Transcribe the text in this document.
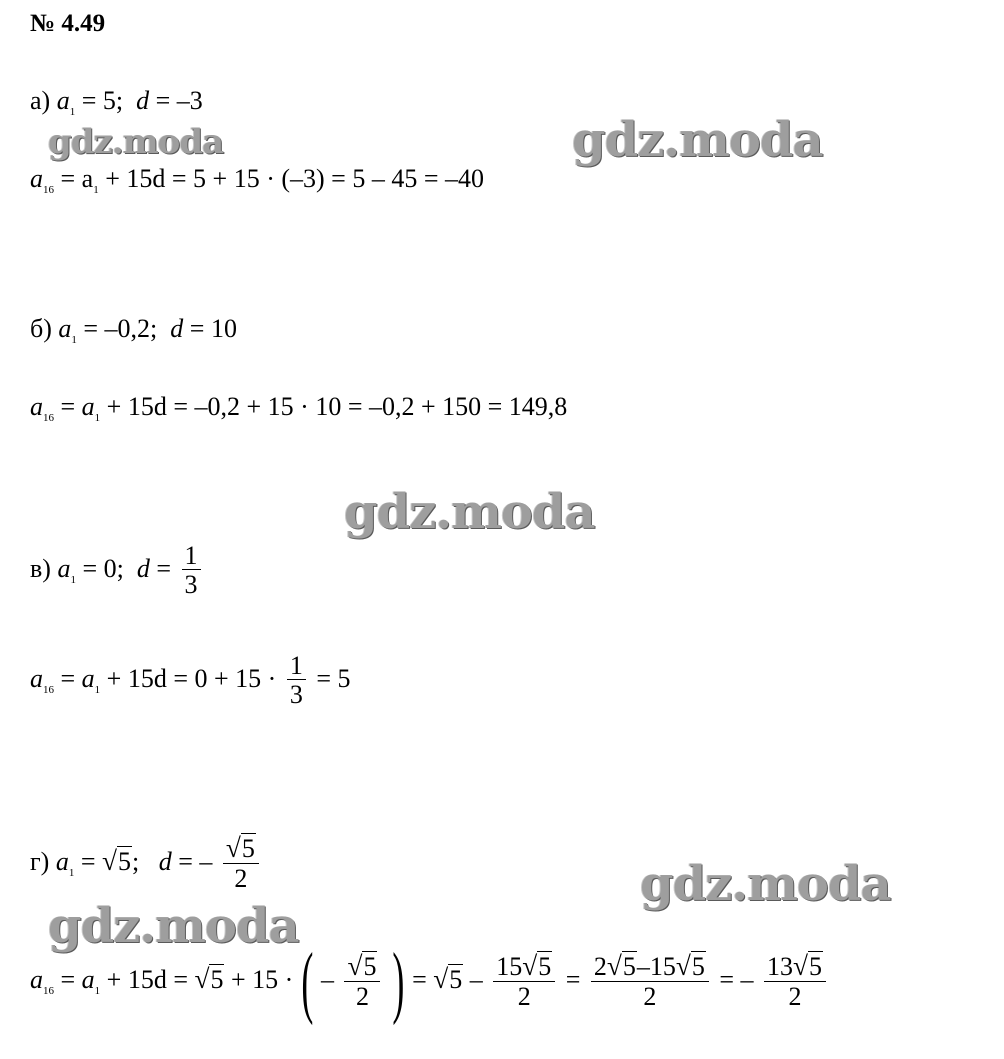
№ 4.49
а) $a_1 = 5$; d = –3
gdz.moda	gdz.moda
$a_{16} = a_1 + 15d = 5 + 15 \cdot (-3) = 5 - 45 = -40$
б) $a_1 = -0,2$; d = 10
$a_{16} = a_1 + 15d = -0,2 + 15 \cdot 10 = -0,2 + 150 = 149,8$
gdz.moda
в) $a_1 = 0$; $d = \frac{1}{3}$
$a_{16} = a_1 + 15d = 0 + 15 \cdot \frac{1}{3} = 5$
г) $a_1 = √5$;   d = – $\frac{√5}{2}$	gdz.moda
gdz.moda
$a_{16} = a_1 + 15d = √5 + 15$ · ( – $\frac{√5}{2}$ ) = $√5 - \frac{15√5}{2} = \frac{2√5-15√5}{2}$ = – $\frac{13√5}{2}$
